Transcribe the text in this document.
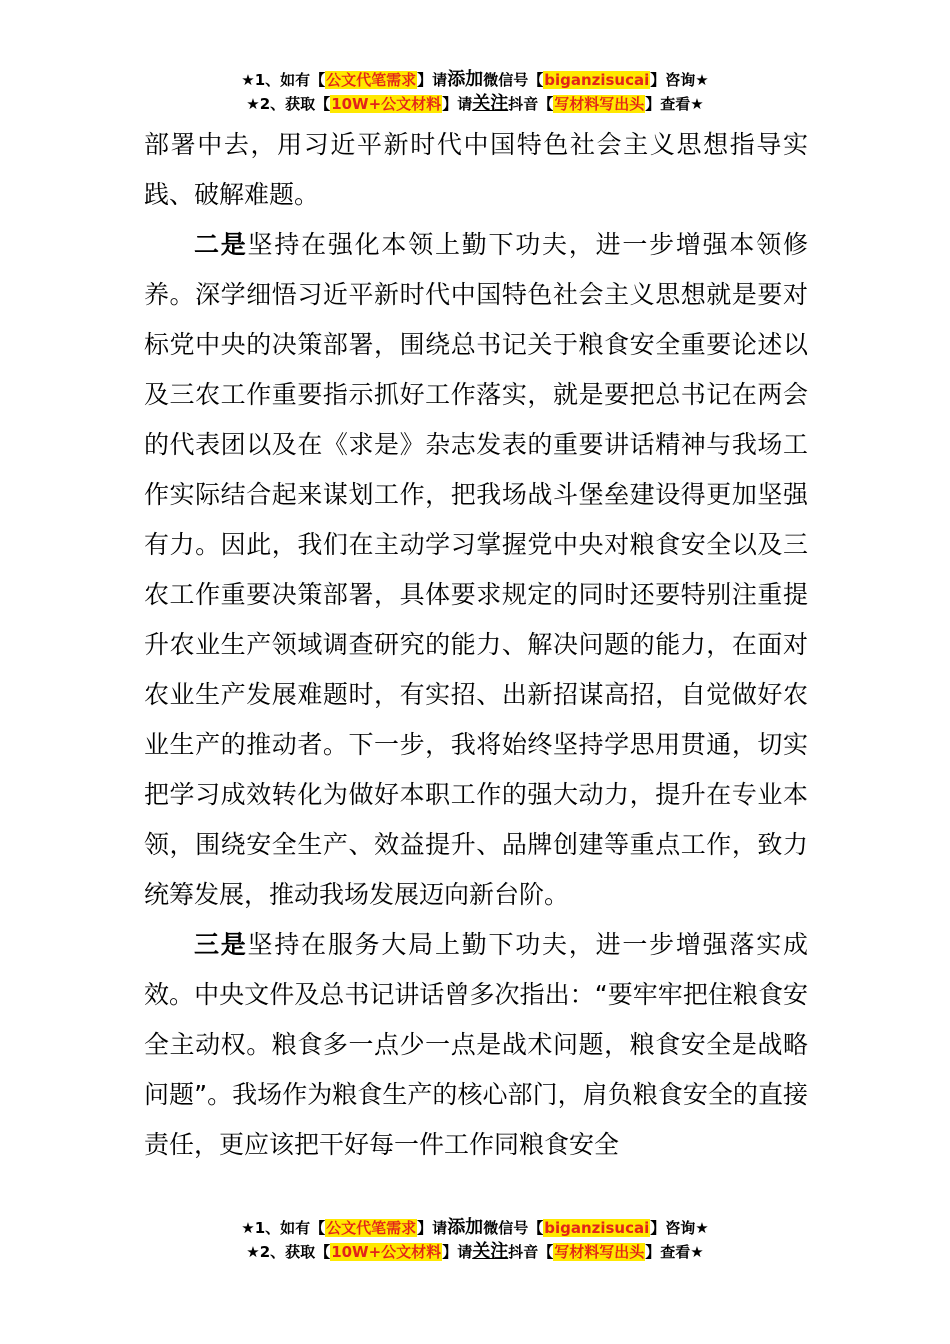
★1、如有【公文代笔需求】请添加微信号【biganzisucai】咨询★
★2、获取【10W+公文材料】请关注抖音【写材料写出头】查看★

部署中去，用习近平新时代中国特色社会主义思想指导实践、破解难题。

二是坚持在强化本领上勤下功夫，进一步增强本领修养。深学细悟习近平新时代中国特色社会主义思想就是要对标党中央的决策部署，围绕总书记关于粮食安全重要论述以及三农工作重要指示抓好工作落实，就是要把总书记在两会的代表团以及在《求是》杂志发表的重要讲话精神与我场工作实际结合起来谋划工作，把我场战斗堡垒建设得更加坚强有力。因此，我们在主动学习掌握党中央对粮食安全以及三农工作重要决策部署，具体要求规定的同时还要特别注重提升农业生产领域调查研究的能力、解决问题的能力，在面对农业生产发展难题时，有实招、出新招谋高招，自觉做好农业生产的推动者。下一步，我将始终坚持学思用贯通，切实把学习成效转化为做好本职工作的强大动力，提升在专业本领，围绕安全生产、效益提升、品牌创建等重点工作，致力统筹发展，推动我场发展迈向新台阶。

三是坚持在服务大局上勤下功夫，进一步增强落实成效。中央文件及总书记讲话曾多次指出：“要牢牢把住粮食安全主动权。粮食多一点少一点是战术问题，粮食安全是战略问题”。我场作为粮食生产的核心部门，肩负粮食安全的直接责任，更应该把干好每一件工作同粮食安全

★1、如有【公文代笔需求】请添加微信号【biganzisucai】咨询★
★2、获取【10W+公文材料】请关注抖音【写材料写出头】查看★
